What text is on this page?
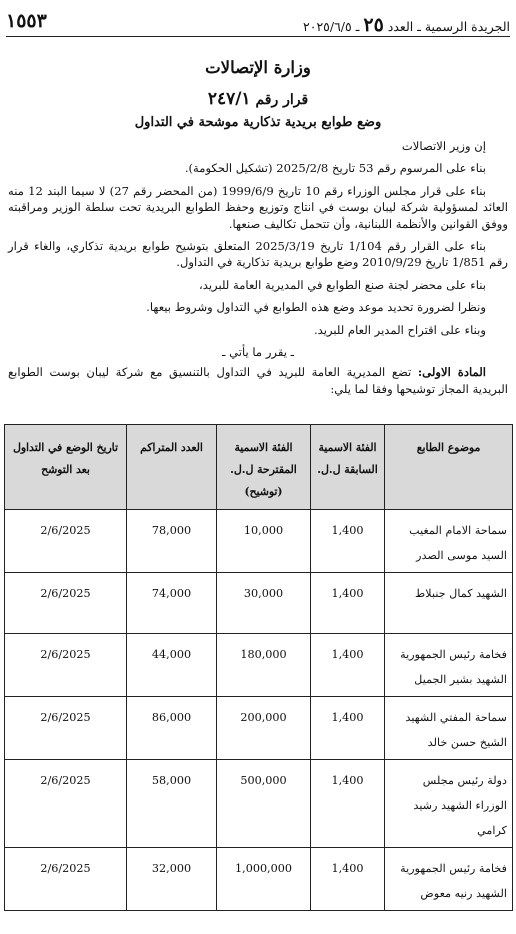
١٥٥٣	الجريدة الرسمية ـ العدد ٢٥ ـ ٢٠٢٥/٦/٥
وزارة الإتصالات
قرار رقم ٢٤٧/١
وضع طوابع بريدية تذكارية موشحة في التداول

إن وزير الاتصالات

بناء على المرسوم رقم 53 تاريخ 2025/2/8 (تشكيل الحكومة).

بناء على قرار مجلس الوزراء رقم 10 تاريخ 1999/6/9 (من المحضر رقم 27) لا سيما البند 12 منه العائد لمسؤولية شركة ليبان بوست في انتاج وتوزيع وحفظ الطوابع البريدية تحت سلطة الوزير ومراقبته ووفق القوانين والأنظمة اللبنانية، وأن تتحمل تكاليف صنعها.

بناء على القرار رقم 1/104 تاريخ 2025/3/19 المتعلق بتوشيح طوابع بريدية تذكاري، والغاء قرار رقم 1/851 تاريخ 2010/9/29 وضع طوابع بريدية تذكارية في التداول.

بناء على محضر لجنة صنع الطوابع في المديرية العامة للبريد،

ونظرا لضرورة تحديد موعد وضع هذه الطوابع في التداول وشروط بيعها.

وبناء على اقتراح المدير العام للبريد.

ـ يقرر ما يأتي ـ

المادة الاولى: تضع المديرية العامة للبريد في التداول بالتنسيق مع شركة ليبان بوست الطوابع البريدية المجاز توشيحها وفقا لما يلي:

موضوع الطابع	الفئة الاسمية السابقة ل.ل.	الفئة الاسمية المقترحة ل.ل. (توشيح)	العدد المتراكم	تاريخ الوضع في التداول بعد التوشح
سماحة الامام المغيب السيد موسى الصدر	1,400	10,000	78,000	2/6/2025
الشهيد كمال جنبلاط	1,400	30,000	74,000	2/6/2025
فخامة رئيس الجمهورية الشهيد بشير الجميل	1,400	180,000	44,000	2/6/2025
سماحة المفتي الشهيد الشيخ حسن خالد	1,400	200,000	86,000	2/6/2025
دولة رئيس مجلس الوزراء الشهيد رشيد كرامي	1,400	500,000	58,000	2/6/2025
فخامة رئيس الجمهورية الشهيد رنيه معوض	1,400	1,000,000	32,000	2/6/2025
